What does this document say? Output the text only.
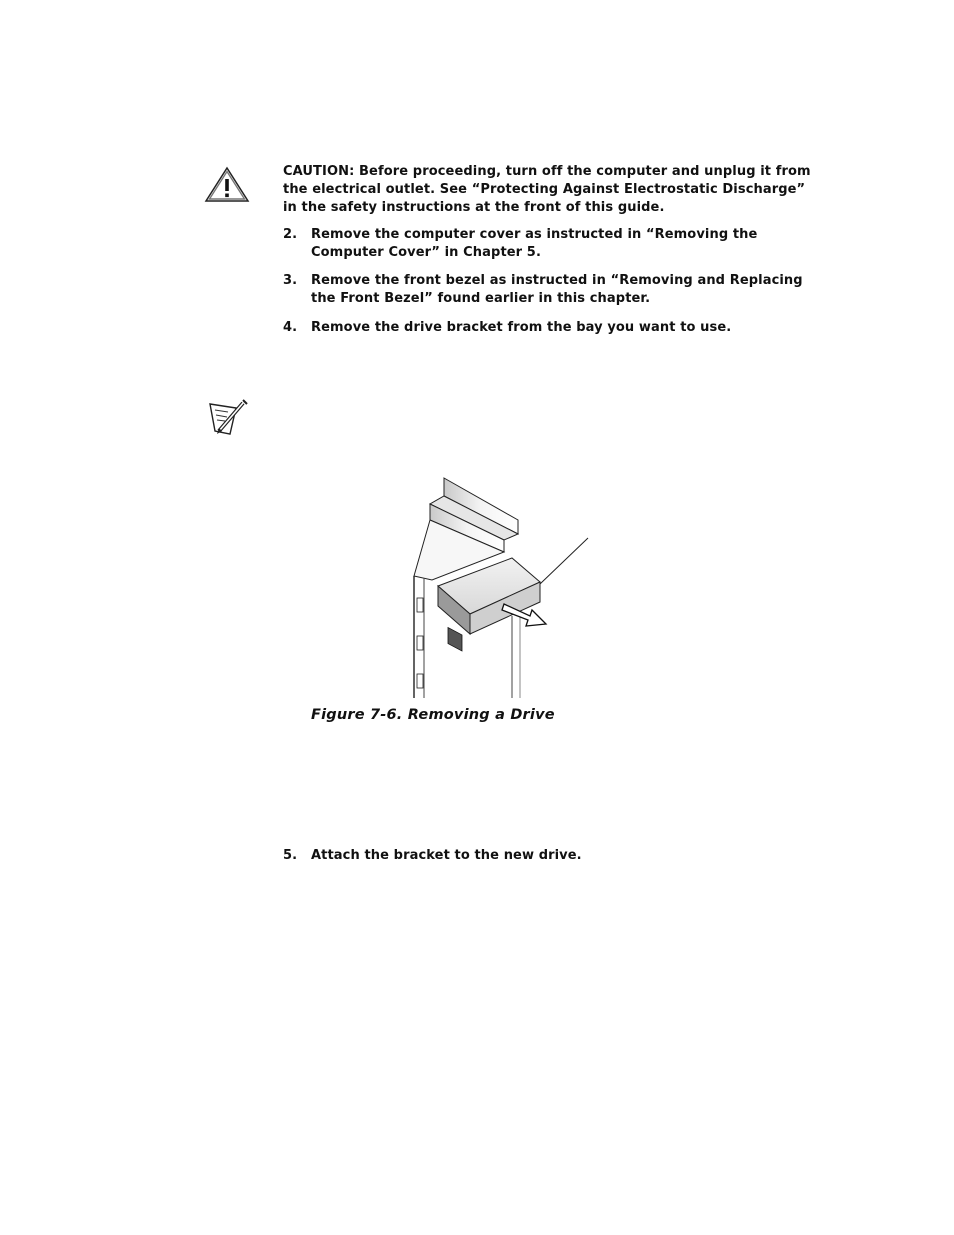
CAUTION: Before proceeding, turn off the computer and unplug it from the electrical outlet. See “Protecting Against Electrostatic Discharge” in the safety instructions at the front of this guide.
2.	Remove the computer cover as instructed in “Removing the Computer Cover” in Chapter 5.
3.	Remove the front bezel as instructed in “Removing and Replacing the Front Bezel” found earlier in this chapter.
4.	Remove the drive bracket from the bay you want to use.
Figure 7-6. Removing a Drive
5.	Attach the bracket to the new drive.
